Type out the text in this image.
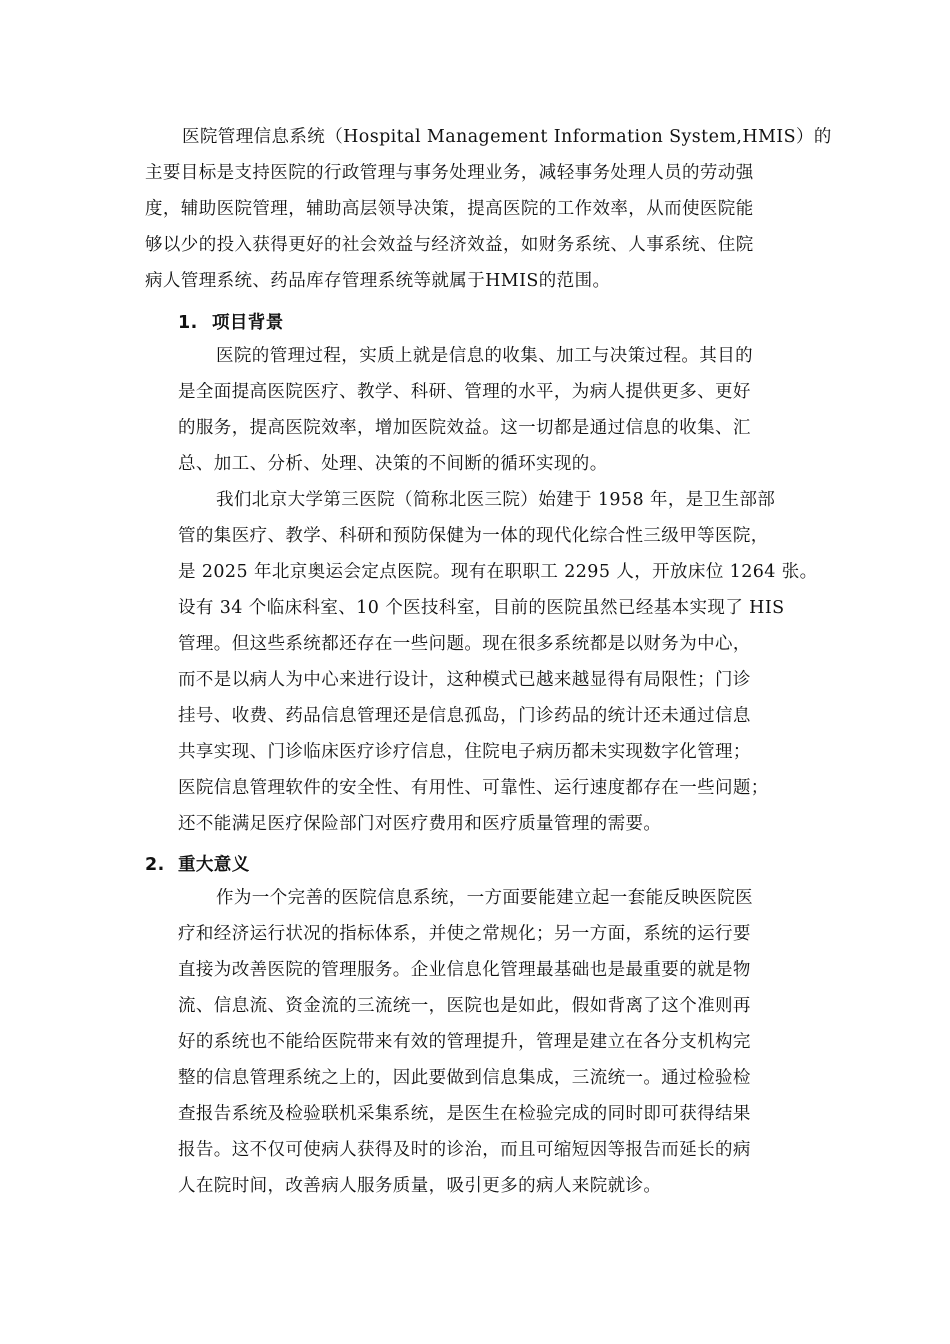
医院管理信息系统（Hospital Management Information System,HMIS）的
主要目标是支持医院的行政管理与事务处理业务，减轻事务处理人员的劳动强
度，辅助医院管理，辅助高层领导决策，提高医院的工作效率，从而使医院能
够以少的投入获得更好的社会效益与经济效益，如财务系统、人事系统、住院
病人管理系统、药品库存管理系统等就属于HMIS的范围。
1. 项目背景
医院的管理过程，实质上就是信息的收集、加工与决策过程。其目的
是全面提高医院医疗、教学、科研、管理的水平，为病人提供更多、更好
的服务，提高医院效率，增加医院效益。这一切都是通过信息的收集、汇
总、加工、分析、处理、决策的不间断的循环实现的。
我们北京大学第三医院（简称北医三院）始建于 1958 年，是卫生部部
管的集医疗、教学、科研和预防保健为一体的现代化综合性三级甲等医院，
是 2025 年北京奥运会定点医院。现有在职职工 2295 人，开放床位 1264 张。
设有 34 个临床科室、10 个医技科室，目前的医院虽然已经基本实现了 HIS
管理。但这些系统都还存在一些问题。现在很多系统都是以财务为中心，
而不是以病人为中心来进行设计，这种模式已越来越显得有局限性；门诊
挂号、收费、药品信息管理还是信息孤岛，门诊药品的统计还未通过信息
共享实现、门诊临床医疗诊疗信息，住院电子病历都未实现数字化管理；
医院信息管理软件的安全性、有用性、可靠性、运行速度都存在一些问题；
还不能满足医疗保险部门对医疗费用和医疗质量管理的需要。
2. 重大意义
作为一个完善的医院信息系统，一方面要能建立起一套能反映医院医
疗和经济运行状况的指标体系，并使之常规化；另一方面，系统的运行要
直接为改善医院的管理服务。企业信息化管理最基础也是最重要的就是物
流、信息流、资金流的三流统一，医院也是如此，假如背离了这个准则再
好的系统也不能给医院带来有效的管理提升，管理是建立在各分支机构完
整的信息管理系统之上的，因此要做到信息集成，三流统一。通过检验检
查报告系统及检验联机采集系统，是医生在检验完成的同时即可获得结果
报告。这不仅可使病人获得及时的诊治，而且可缩短因等报告而延长的病
人在院时间，改善病人服务质量，吸引更多的病人来院就诊。
